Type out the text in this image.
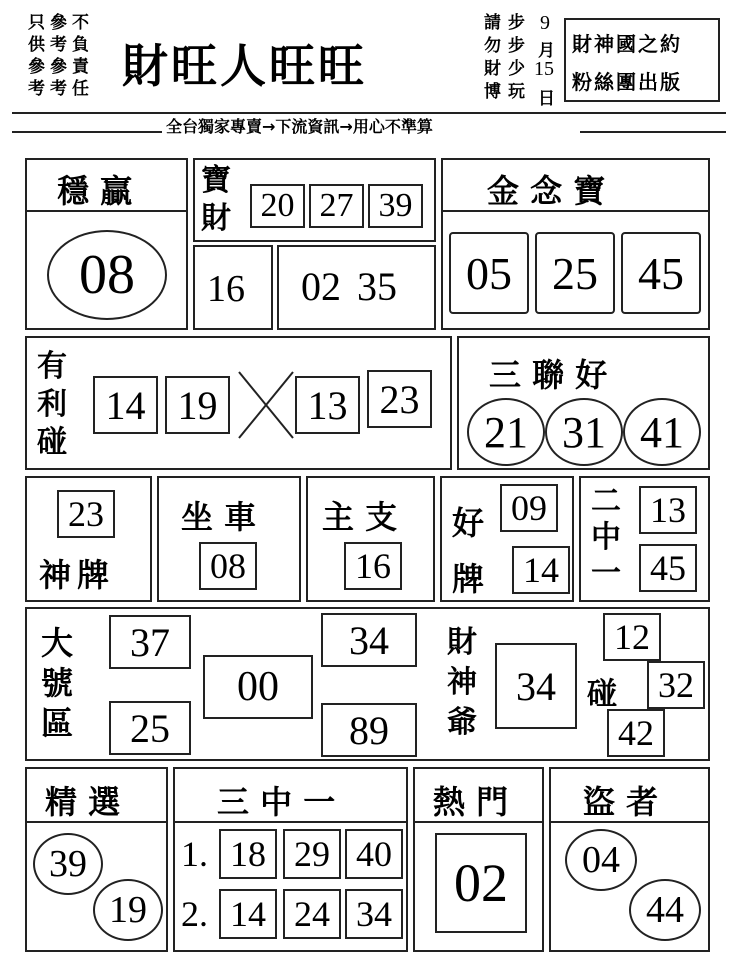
只
供
參
考
參
考
參
考
不
負
責
任 財旺人旺旺
請
勿
財
博
步
步
少
玩
9
月
15
日
財神國之約
粉絲團出版
全台獨家專賣→下流資訊→用心不準算
穩 贏
08
寶
財 20 27 39
16 02 35
金 念 寶
05 25 45
有
利
碰
14 19	13 23
三 聯 好
21 31 41
23
神牌
坐 車
08
主 支
16
好
牌
09
14
二
中
一
13
45
大
號
區
37
25
00
34
89
財
神
爺
34	碰
12
32
42
精 選
39
19
三 中 一
1. 18 29 40
2. 14 24 34
熱 門
02
盜 者
04
44
